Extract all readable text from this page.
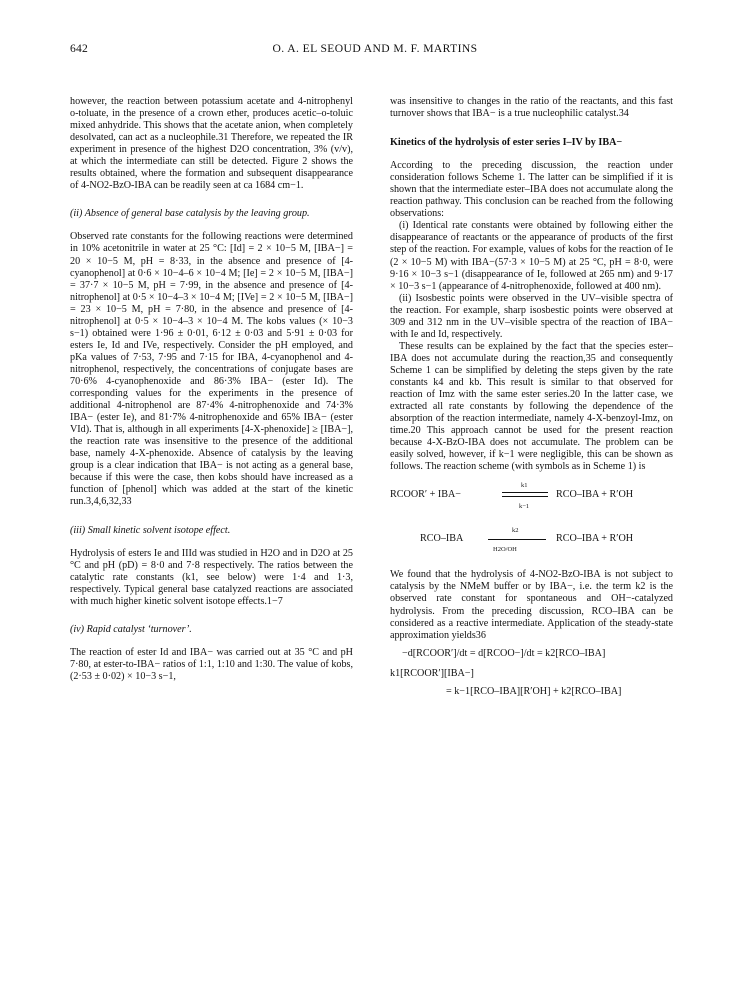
642	O. A. EL SEOUD AND M. F. MARTINS

however, the reaction between potassium acetate and 4-nitrophenyl o-toluate, in the presence of a crown ether, produces acetic–o-toluic mixed anhydride. This shows that the acetate anion, when completely desolvated, can act as a nucleophile.31 Therefore, we repeated the IR experiment in presence of the highest D2O concentration, 3% (v/v), at which the intermediate can still be detected. Figure 2 shows the results obtained, where the formation and subsequent disappearance of 4-NO2-BzO-IBA can be readily seen at ca 1684 cm−1.

(ii) Absence of general base catalysis by the leaving group.

Observed rate constants for the following reactions were determined in 10% acetonitrile in water at 25 °C: [Id] = 2 × 10−5 M, [IBA−] = 20 × 10−5 M, pH = 8·33, in the absence and presence of [4-cyanophenol] at 0·6 × 10−4–6 × 10−4 M; [Ie] = 2 × 10−5 M, [IBA−] = 37·7 × 10−5 M, pH = 7·99, in the absence and presence of [4-nitrophenol] at 0·5 × 10−4–3 × 10−4 M; [IVe] = 2 × 10−5 M, [IBA−] = 23 × 10−5 M, pH = 7·80, in the absence and presence of [4-nitrophenol] at 0·5 × 10−4–3 × 10−4 M. The kobs values (× 10−3 s−1) obtained were 1·96 ± 0·01, 6·12 ± 0·03 and 5·91 ± 0·03 for esters Ie, Id and IVe, respectively. Consider the pH employed, and pKa values of 7·53, 7·95 and 7·15 for IBA, 4-cyanophenol and 4-nitrophenol, respectively, the concentrations of conjugate bases are 70·6% 4-cyanophenoxide and 86·3% IBA− (ester Id). The corresponding values for the experiments in the presence of additional 4-nitrophenol are 87·4% 4-nitrophenoxide and 74·3% IBA− (ester Ie), and 81·7% 4-nitrophenoxide and 65% IBA− (ester VId). That is, although in all experiments [4-X-phenoxide] ≥ [IBA−], the reaction rate was insensitive to the presence of the additional base, namely 4-X-phenoxide. Absence of catalysis by the leaving group is a clear indication that IBA− is not acting as a general base, because if this were the case, then kobs should have increased as a function of [phenol] which was added at the start of the kinetic run.3,4,6,32,33

(iii) Small kinetic solvent isotope effect.

Hydrolysis of esters Ie and IIId was studied in H2O and in D2O at 25 °C and pH (pD) = 8·0 and 7·8 respectively. The ratios between the catalytic rate constants (k1, see below) were 1·4 and 1·3, respectively. Typical general base catalyzed reactions are associated with much higher kinetic solvent isotope effects.1−7

(iv) Rapid catalyst ‘turnover’.

The reaction of ester Id and IBA− was carried out at 35 °C and pH 7·80, at ester-to-IBA− ratios of 1:1, 1:10 and 1:30. The value of kobs, (2·53 ± 0·02) × 10−3 s−1,

was insensitive to changes in the ratio of the reactants, and this fast turnover shows that IBA− is a true nucleophilic catalyst.34

Kinetics of the hydrolysis of ester series I–IV by IBA−

According to the preceding discussion, the reaction under consideration follows Scheme 1. The latter can be simplified if it is shown that the intermediate ester–IBA does not accumulate along the reaction pathway. This conclusion can be reached from the following observations:

(i) Identical rate constants were obtained by following either the disappearance of reactants or the appearance of products of the first step of the reaction. For example, values of kobs for the reaction of Ie (2 × 10−5 M) with IBA−(57·3 × 10−5 M) at 25 °C, pH = 8·0, were 9·16 × 10−3 s−1 (disappearance of Ie, followed at 265 nm) and 9·17 × 10−3 s−1 (appearance of 4-nitrophenoxide, followed at 400 nm).

(ii) Isosbestic points were observed in the UV–visible spectra of the reaction. For example, sharp isosbestic points were observed at 309 and 312 nm in the UV–visible spectra of the reaction of IBA− with Ie and Id, respectively.

These results can be explained by the fact that the species ester–IBA does not accumulate during the reaction,35 and consequently Scheme 1 can be simplified by deleting the steps given by the rate constants k4 and kb. This result is similar to that observed for reaction of Imz with the same ester series.20 In the latter case, we extracted all rate constants by following the dependence of the absorption of the reaction intermediate, namely 4-X-benzoyl-Imz, on time.20 This approach cannot be used for the present reaction because 4-X-BzO-IBA does not accumulate. The problem can be easily solved, however, if k−1 were negligible, this can be shown as follows. The reaction scheme (with symbols as in Scheme 1) is

RCOOR′ + IBA−
k1
k−1
RCO–IBA + R′OH
RCO–IBA
k2
H2O/OH
RCO–IBA + R′OH

We found that the hydrolysis of 4-NO2-BzO-IBA is not subject to catalysis by the NMeM buffer or by IBA−, i.e. the term k2 is the observed rate constant for spontaneous and OH−-catalyzed hydrolysis. From the preceding discussion, RCO–IBA can be considered as a reactive intermediate. Application of the steady-state approximation yields36

−d[RCOOR′]/dt = d[RCOO−]/dt = k2[RCO–IBA]
k1[RCOOR′][IBA−]
= k−1[RCO–IBA][R′OH] + k2[RCO–IBA]
